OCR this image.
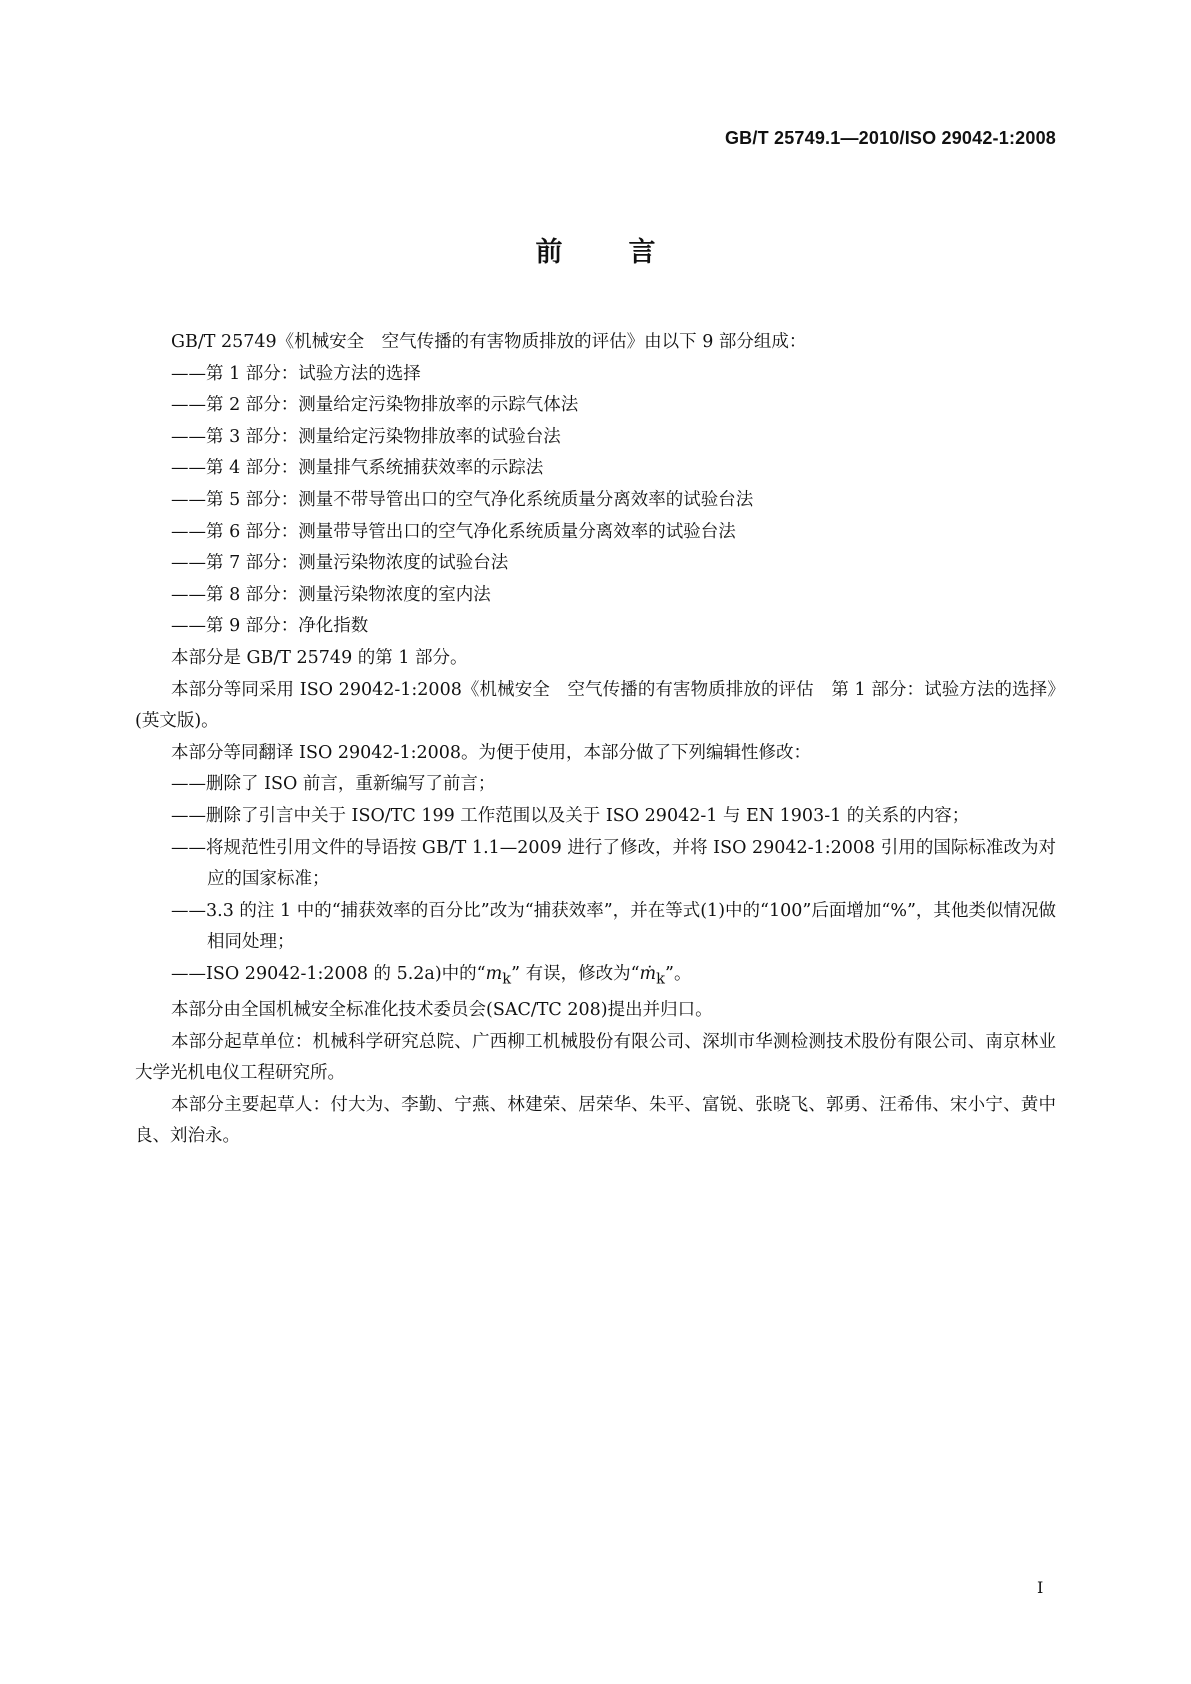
GB/T 25749.1—2010/ISO 29042-1:2008
前 言

GB/T 25749《机械安全　空气传播的有害物质排放的评估》由以下 9 部分组成：

——第 1 部分：试验方法的选择

——第 2 部分：测量给定污染物排放率的示踪气体法

——第 3 部分：测量给定污染物排放率的试验台法

——第 4 部分：测量排气系统捕获效率的示踪法

——第 5 部分：测量不带导管出口的空气净化系统质量分离效率的试验台法

——第 6 部分：测量带导管出口的空气净化系统质量分离效率的试验台法

——第 7 部分：测量污染物浓度的试验台法

——第 8 部分：测量污染物浓度的室内法

——第 9 部分：净化指数

本部分是 GB/T 25749 的第 1 部分。

本部分等同采用 ISO 29042-1:2008《机械安全　空气传播的有害物质排放的评估　第 1 部分：试验方法的选择》(英文版)。

本部分等同翻译 ISO 29042-1:2008。为便于使用，本部分做了下列编辑性修改：

——删除了 ISO 前言，重新编写了前言；

——删除了引言中关于 ISO/TC 199 工作范围以及关于 ISO 29042-1 与 EN 1903-1 的关系的内容；

——将规范性引用文件的导语按 GB/T 1.1—2009 进行了修改，并将 ISO 29042-1:2008 引用的国际标准改为对应的国家标准；

——3.3 的注 1 中的“捕获效率的百分比”改为“捕获效率”，并在等式(1)中的“100”后面增加“%”，其他类似情况做相同处理；

——ISO 29042-1:2008 的 5.2a)中的“$m_k$” 有误，修改为“ṁ$_k$”。

本部分由全国机械安全标准化技术委员会(SAC/TC 208)提出并归口。

本部分起草单位：机械科学研究总院、广西柳工机械股份有限公司、深圳市华测检测技术股份有限公司、南京林业大学光机电仪工程研究所。

本部分主要起草人：付大为、李勤、宁燕、林建荣、居荣华、朱平、富锐、张晓飞、郭勇、汪希伟、宋小宁、黄中良、刘治永。

I
